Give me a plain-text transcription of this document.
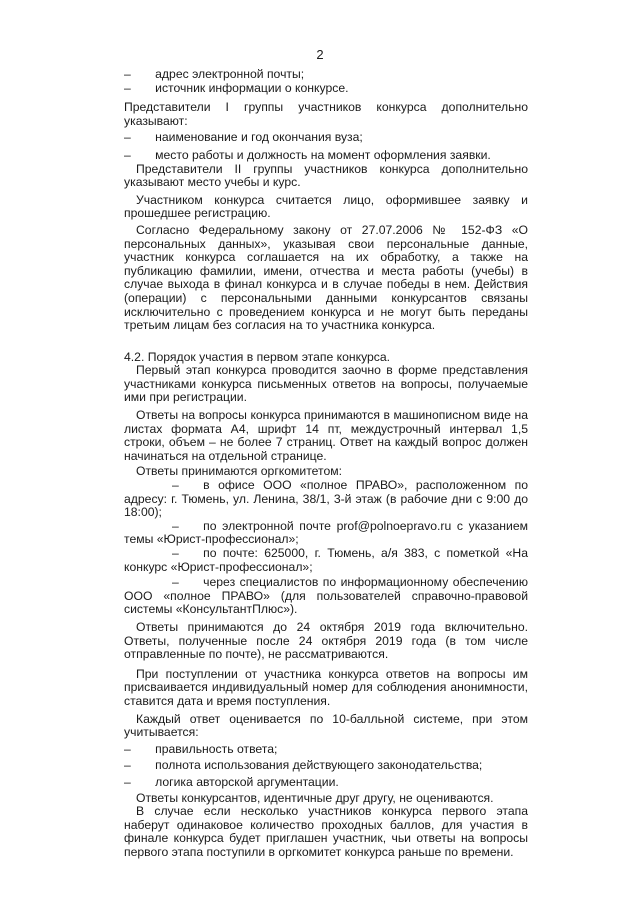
2

–  адрес электронной почты;

–  источник информации о конкурсе.

Представители I группы участников конкурса дополнительно указывают:

–  наименование и год окончания вуза;

–  место работы и должность на момент оформления заявки.

Представители II группы участников конкурса дополнительно указывают место учебы и курс.

Участником конкурса считается лицо, оформившее заявку и прошедшее регистрацию.

Согласно Федеральному закону от 27.07.2006 № 152-ФЗ «О персональных данных», указывая свои персональные данные, участник конкурса соглашается на их обработку, а также на публикацию фамилии, имени, отчества и места работы (учебы) в случае выхода в финал конкурса и в случае победы в нем. Действия (операции) с персональными данными конкурсантов связаны исключительно с проведением конкурса и не могут быть переданы третьим лицам без согласия на то участника конкурса.

4.2. Порядок участия в первом этапе конкурса.

Первый этап конкурса проводится заочно в форме представления участниками конкурса письменных ответов на вопросы, получаемые ими при регистрации.

Ответы на вопросы конкурса принимаются в машинописном виде на листах формата А4, шрифт 14 пт, междустрочный интервал 1,5 строки, объем – не более 7 страниц. Ответ на каждый вопрос должен начинаться на отдельной странице.

Ответы принимаются оргкомитетом:

–  в офисе ООО «полное ПРАВО», расположенном по адресу: г. Тюмень, ул. Ленина, 38/1, 3-й этаж (в рабочие дни с 9:00 до 18:00);

–  по электронной почте prof@polnoepravo.ru с указанием темы «Юрист-профессионал»;

–  по почте: 625000, г. Тюмень, а/я 383, с пометкой «На конкурс «Юрист-профессионал»;

–  через специалистов по информационному обеспечению ООО «полное ПРАВО» (для пользователей справочно-правовой системы «КонсультантПлюс»).

Ответы принимаются до 24 октября 2019 года включительно. Ответы, полученные после 24 октября 2019 года (в том числе отправленные по почте), не рассматриваются.

При поступлении от участника конкурса ответов на вопросы им присваивается индивидуальный номер для соблюдения анонимности, ставится дата и время поступления.

Каждый ответ оценивается по 10-балльной системе, при этом учитывается:

–  правильность ответа;

–  полнота использования действующего законодательства;

–  логика авторской аргументации.

Ответы конкурсантов, идентичные друг другу, не оцениваются.

В случае если несколько участников конкурса первого этапа наберут одинаковое количество проходных баллов, для участия в финале конкурса будет приглашен участник, чьи ответы на вопросы первого этапа поступили в оргкомитет конкурса раньше по времени.
